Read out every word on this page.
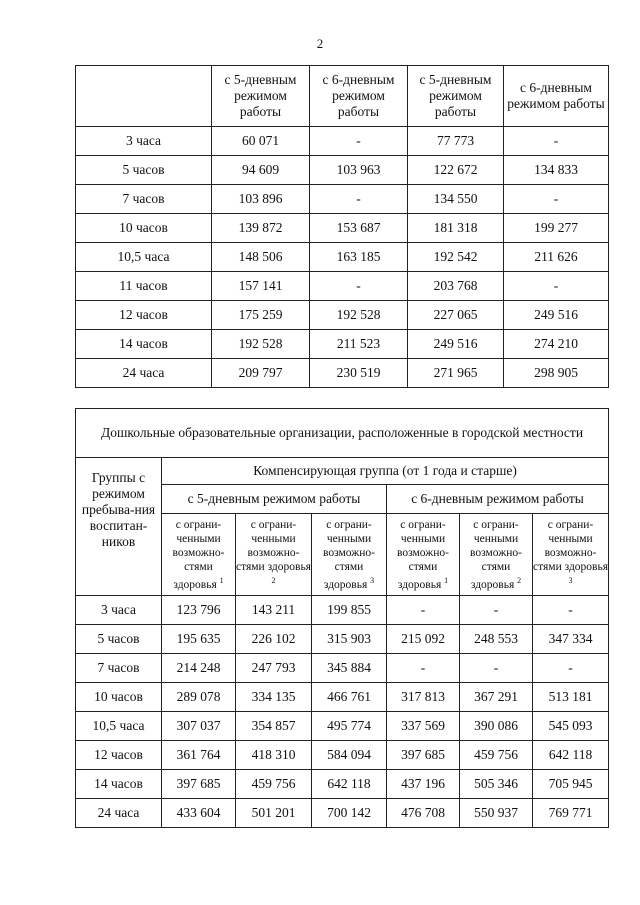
2
	с 5-дневным режимом работы	с 6-дневным режимом работы	с 5-дневным режимом работы	с 6-дневным режимом работы
3 часа	60 071	-	77 773	-
5 часов	94 609	103 963	122 672	134 833
7 часов	103 896	-	134 550	-
10 часов	139 872	153 687	181 318	199 277
10,5 часа	148 506	163 185	192 542	211 626
11 часов	157 141	-	203 768	-
12 часов	175 259	192 528	227 065	249 516
14 часов	192 528	211 523	249 516	274 210
24 часа	209 797	230 519	271 965	298 905
Дошкольные образовательные организации, расположенные в городской местности						
Группы с режимом пребыва-ния воспитан-ников	Компенсирующая группа (от 1 года и старше)					
	с 5-дневным режимом работы			с 6-дневным режимом работы		
	с ограни-ченными возможно-стями здоровья $^1$	с ограни-ченными возможно-стями здоровья $^2$	с ограни-ченными возможно-стями здоровья $^3$	с ограни-ченными возможно-стями здоровья $^1$	с ограни-ченными возможно-стями здоровья $^2$	с ограни-ченными возможно-стями здоровья $^3$
3 часа	123 796	143 211	199 855	-	-	-
5 часов	195 635	226 102	315 903	215 092	248 553	347 334
7 часов	214 248	247 793	345 884	-	-	-
10 часов	289 078	334 135	466 761	317 813	367 291	513 181
10,5 часа	307 037	354 857	495 774	337 569	390 086	545 093
12 часов	361 764	418 310	584 094	397 685	459 756	642 118
14 часов	397 685	459 756	642 118	437 196	505 346	705 945
24 часа	433 604	501 201	700 142	476 708	550 937	769 771
